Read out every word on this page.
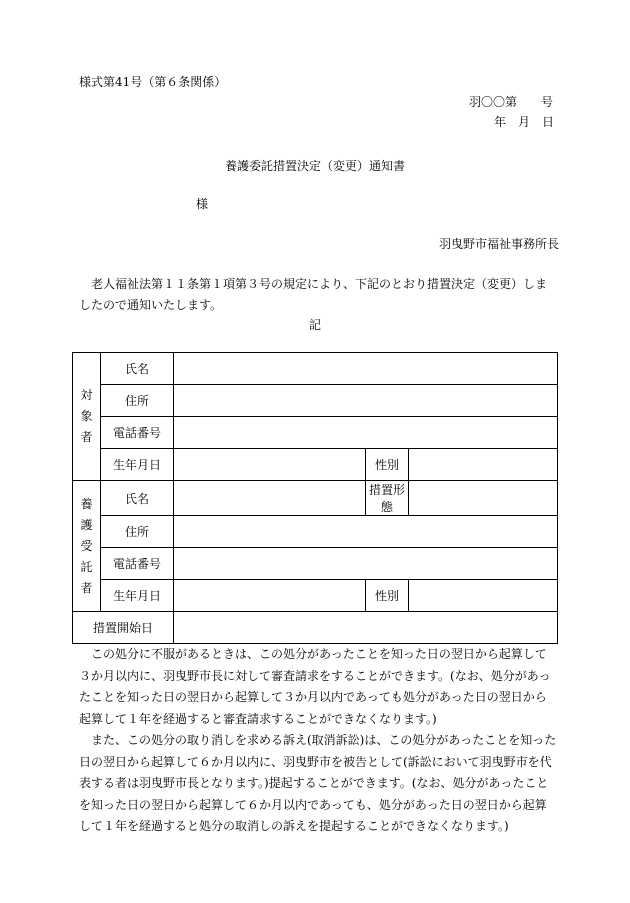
様式第41号（第６条関係）
羽〇〇第　　号
年　月　日
養護委託措置決定（変更）通知書
様
羽曳野市福祉事務所長
老人福祉法第１１条第１項第３号の規定により、下記のとおり措置決定（変更）しましたので通知いたします。
記
対
象
者	氏名			
	住所			
	電話番号			
	生年月日		性別	

養
護
受
託
者	氏名		措置形態	
	住所			
	電話番号			
	生年月日		性別	
措置開始日				

この処分に不服があるときは、この処分があったことを知った日の翌日から起算して３か月以内に、羽曳野市長に対して審査請求をすることができます。(なお、処分があったことを知った日の翌日から起算して３か月以内であっても処分があった日の翌日から起算して１年を経過すると審査請求することができなくなります。)

また、この処分の取り消しを求める訴え(取消訴訟)は、この処分があったことを知った日の翌日から起算して６か月以内に、羽曳野市を被告として(訴訟において羽曳野市を代表する者は羽曳野市長となります。)提起することができます。(なお、処分があったことを知った日の翌日から起算して６か月以内であっても、処分があった日の翌日から起算して１年を経過すると処分の取消しの訴えを提起することができなくなります。)
